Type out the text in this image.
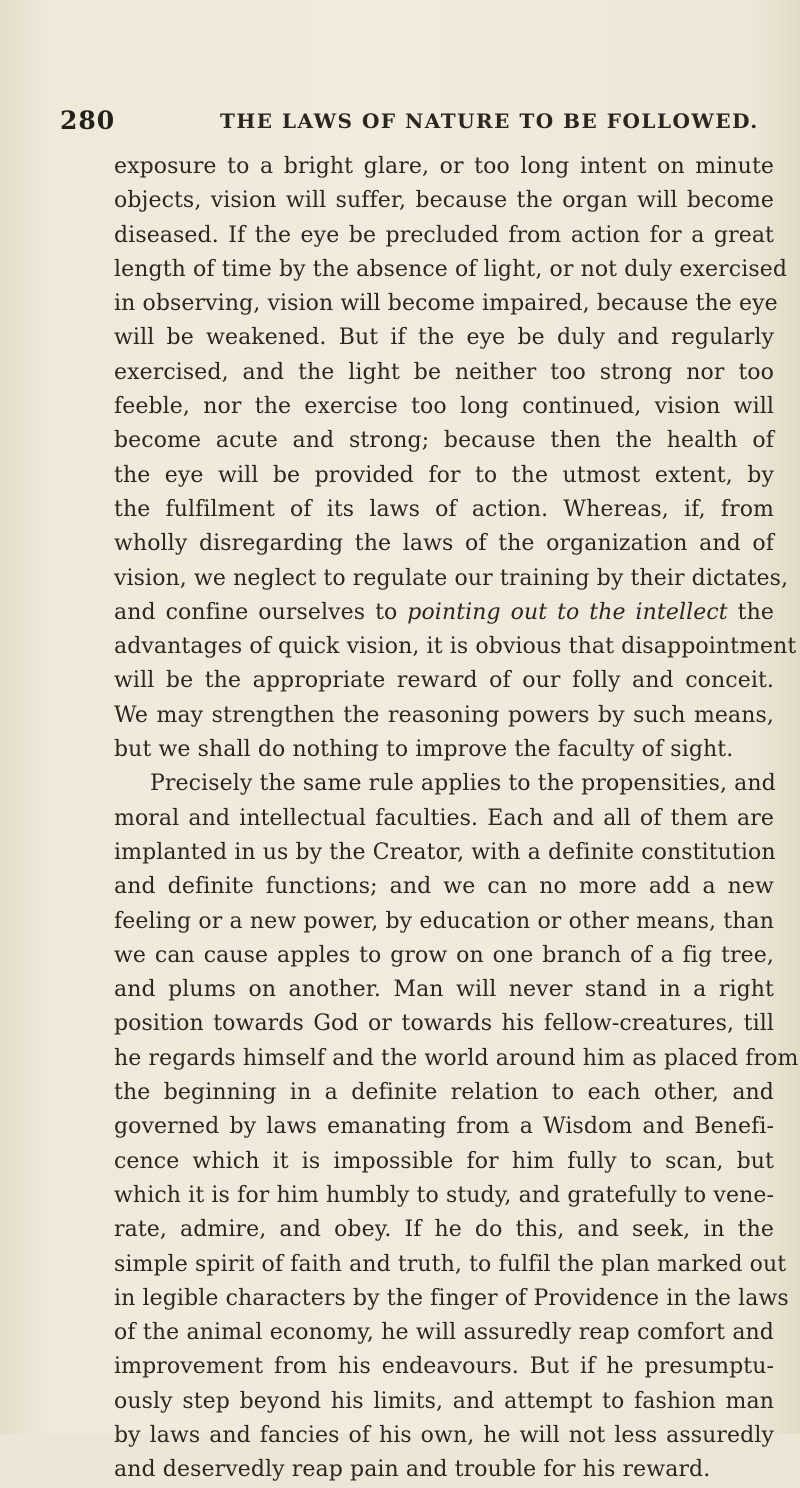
280	THE LAWS OF NATURE TO BE FOLLOWED.
exposure to a bright glare, or too long intent on minute
objects, vision will suffer, because the organ will become
diseased. If the eye be precluded from action for a great
length of time by the absence of light, or not duly exercised
in observing, vision will become impaired, because the eye
will be weakened. But if the eye be duly and regularly
exercised, and the light be neither too strong nor too
feeble, nor the exercise too long continued, vision will
become acute and strong; because then the health of
the eye will be provided for to the utmost extent, by
the fulfilment of its laws of action. Whereas, if, from
wholly disregarding the laws of the organization and of
vision, we neglect to regulate our training by their dictates,
and confine ourselves to pointing out to the intellect the
advantages of quick vision, it is obvious that disappointment
will be the appropriate reward of our folly and conceit.
We may strengthen the reasoning powers by such means,
but we shall do nothing to improve the faculty of sight.
Precisely the same rule applies to the propensities, and
moral and intellectual faculties. Each and all of them are
implanted in us by the Creator, with a definite constitution
and definite functions; and we can no more add a new
feeling or a new power, by education or other means, than
we can cause apples to grow on one branch of a fig tree,
and plums on another. Man will never stand in a right
position towards God or towards his fellow-creatures, till
he regards himself and the world around him as placed from
the beginning in a definite relation to each other, and
governed by laws emanating from a Wisdom and Benefi-
cence which it is impossible for him fully to scan, but
which it is for him humbly to study, and gratefully to vene-
rate, admire, and obey. If he do this, and seek, in the
simple spirit of faith and truth, to fulfil the plan marked out
in legible characters by the finger of Providence in the laws
of the animal economy, he will assuredly reap comfort and
improvement from his endeavours. But if he presumptu-
ously step beyond his limits, and attempt to fashion man
by laws and fancies of his own, he will not less assuredly
and deservedly reap pain and trouble for his reward.
